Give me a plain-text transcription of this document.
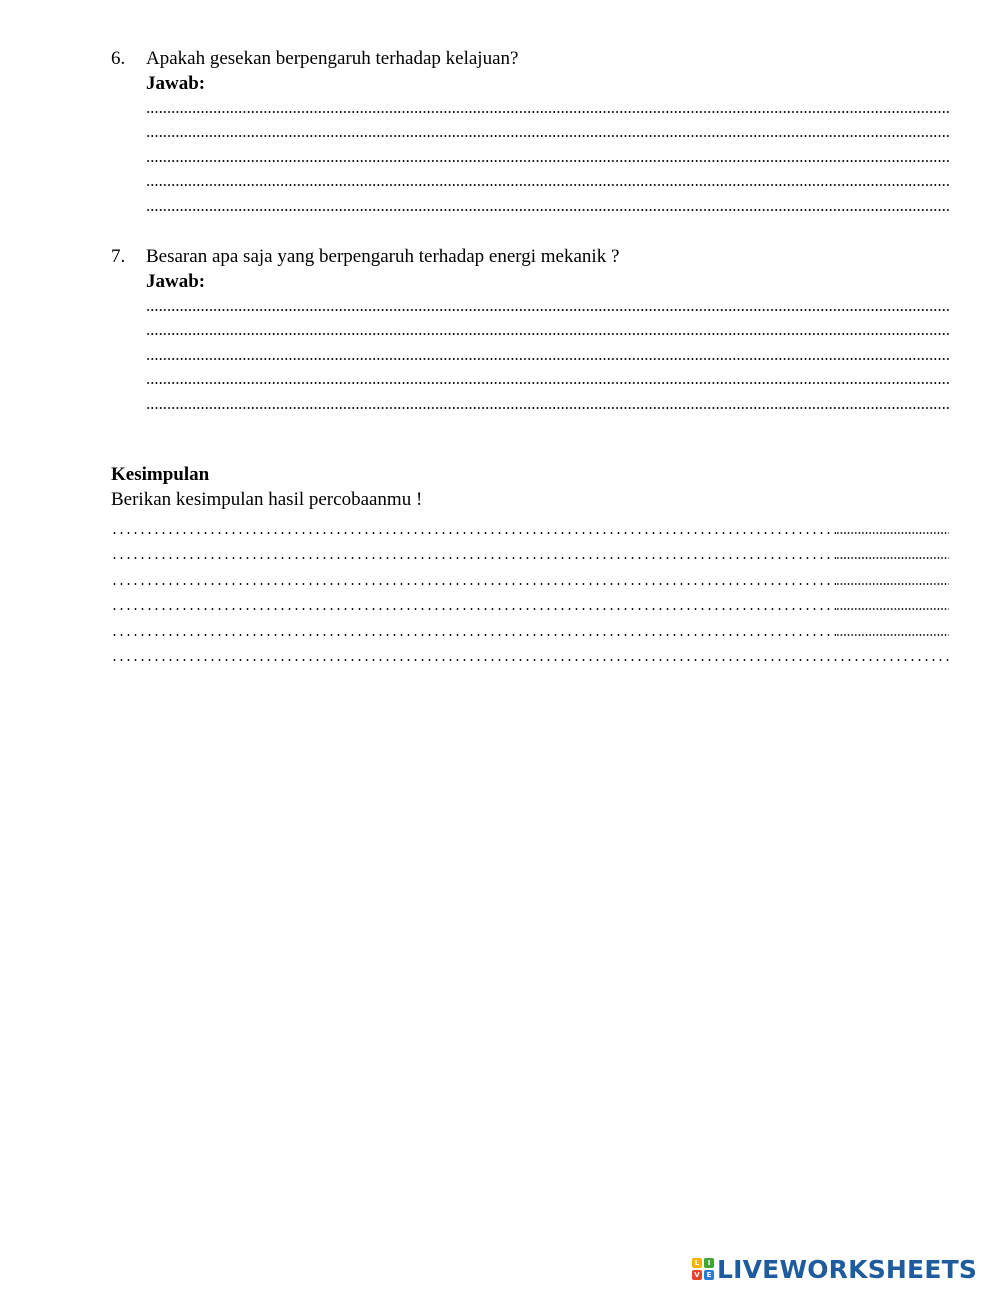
6. Apakah gesekan berpengaruh terhadap kelajuan?
Jawab:
7. Besaran apa saja yang berpengaruh terhadap energi mekanik ?
Jawab:
Kesimpulan
Berikan kesimpulan hasil percobaanmu !
L	I
V E LIVEWORKSHEETS
